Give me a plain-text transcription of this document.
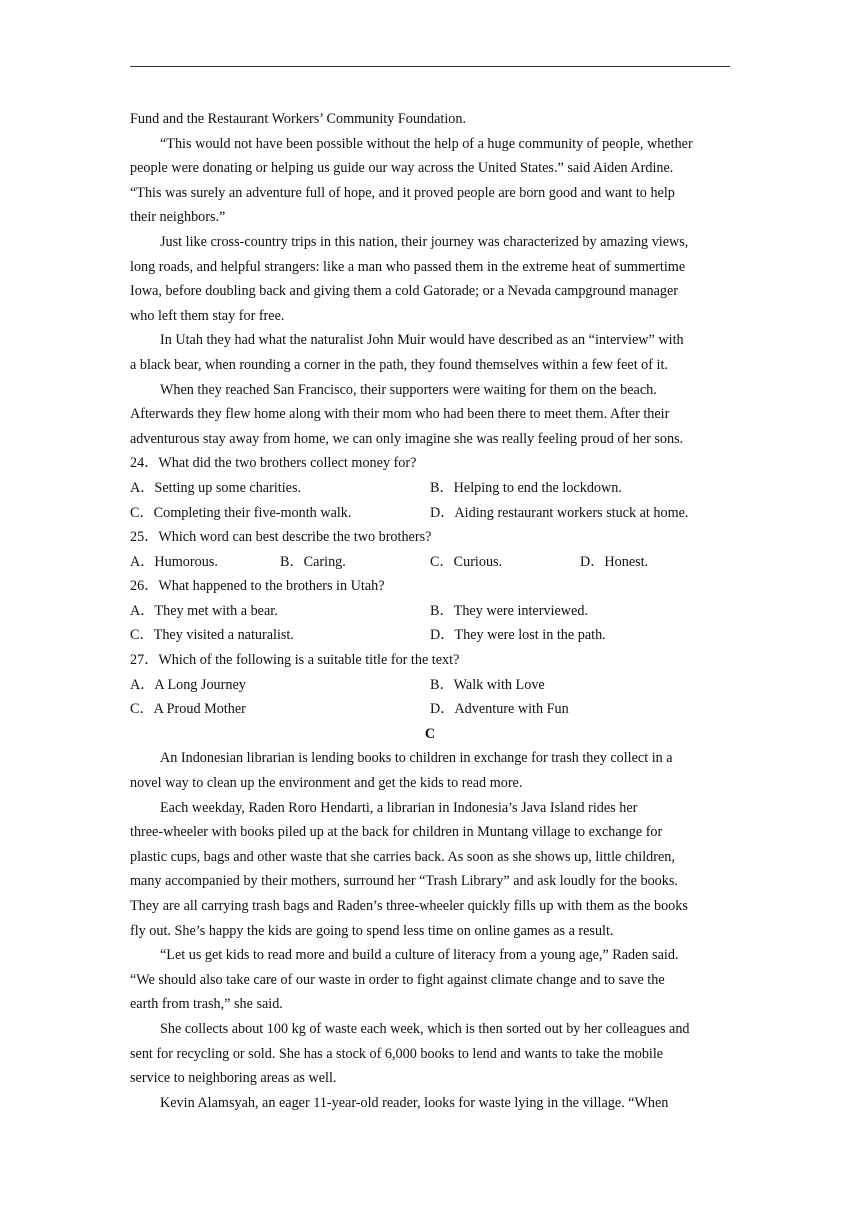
Fund and the Restaurant Workers’ Community Foundation.
“This would not have been possible without the help of a huge community of people, whether
people were donating or helping us guide our way across the United States.” said Aiden Ardine.
“This was surely an adventure full of hope, and it proved people are born good and want to help
their neighbors.”
Just like cross-country trips in this nation, their journey was characterized by amazing views,
long roads, and helpful strangers: like a man who passed them in the extreme heat of summertime
Iowa, before doubling back and giving them a cold Gatorade; or a Nevada campground manager
who left them stay for free.
In Utah they had what the naturalist John Muir would have described as an “interview” with
a black bear, when rounding a corner in the path, they found themselves within a few feet of it.
When they reached San Francisco, their supporters were waiting for them on the beach.
Afterwards they flew home along with their mom who had been there to meet them. After their
adventurous stay away from home, we can only imagine she was really feeling proud of her sons.
24．What did the two brothers collect money for?
A．Setting up some charities.	B．Helping to end the lockdown.
C．Completing their five-month walk.	D．Aiding restaurant workers stuck at home.
25．Which word can best describe the two brothers?
A．Humorous.	B．Caring.	C．Curious.	D．Honest.
26．What happened to the brothers in Utah?
A．They met with a bear.	B．They were interviewed.
C．They visited a naturalist.	D．They were lost in the path.
27．Which of the following is a suitable title for the text?
A．A Long Journey	B．Walk with Love
C．A Proud Mother	D．Adventure with Fun
C
An Indonesian librarian is lending books to children in exchange for trash they collect in a
novel way to clean up the environment and get the kids to read more.
Each weekday, Raden Roro Hendarti, a librarian in Indonesia’s Java Island rides her
three-wheeler with books piled up at the back for children in Muntang village to exchange for
plastic cups, bags and other waste that she carries back. As soon as she shows up, little children,
many accompanied by their mothers, surround her “Trash Library” and ask loudly for the books.
They are all carrying trash bags and Raden’s three-wheeler quickly fills up with them as the books
fly out. She’s happy the kids are going to spend less time on online games as a result.
“Let us get kids to read more and build a culture of literacy from a young age,” Raden said.
“We should also take care of our waste in order to fight against climate change and to save the
earth from trash,” she said.
She collects about 100 kg of waste each week, which is then sorted out by her colleagues and
sent for recycling or sold. She has a stock of 6,000 books to lend and wants to take the mobile
service to neighboring areas as well.
Kevin Alamsyah, an eager 11-year-old reader, looks for waste lying in the village. “When
